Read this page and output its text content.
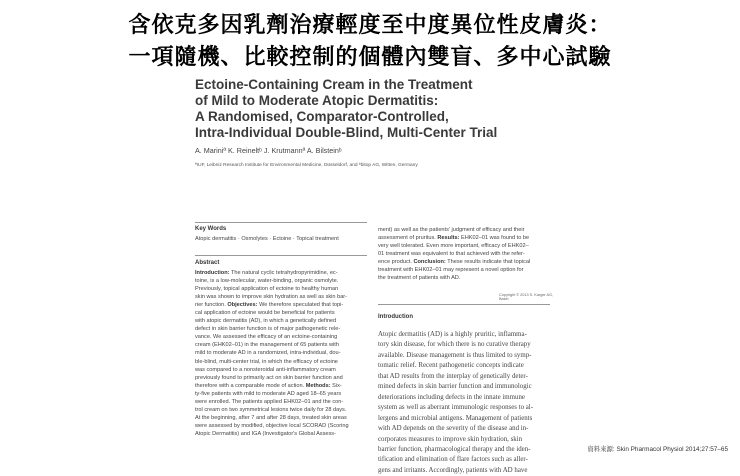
含依克多因乳劑治療輕度至中度異位性皮膚炎：
一項隨機、比較控制的個體內雙盲、多中心試驗
Ectoine-Containing Cream in the Treatment
of Mild to Moderate Atopic Dermatitis:
A Randomised, Comparator-Controlled,
Intra-Individual Double-Blind, Multi-Center Trial
A. Mariniª K. Reineltᵇ J. Krutmannª A. Bilsteinᵇ
ªIUF, Leibniz Research Institute for Environmental Medicine, Düsseldorf, and ᵇbitop AG, Witten, Germany
Key Words
Atopic dermatitis · Osmolytes · Ectoine · Topical treatment
Abstract
Introduction: The natural cyclic tetrahydropyrimidine, ec-
toine, is a low-molecular, water-binding, organic osmolyte.
Previously, topical application of ectoine to healthy human
skin was shown to improve skin hydration as well as skin bar-
rier function. Objectives: We therefore speculated that topi-
cal application of ectoine would be beneficial for patients
with atopic dermatitis (AD), in which a genetically defined
defect in skin barrier function is of major pathogenetic rele-
vance. We assessed the efficacy of an ectoine-containing
cream (EHK02–01) in the management of 65 patients with
mild to moderate AD in a randomized, intra-individual, dou-
ble-blind, multi-center trial, in which the efficacy of ectoine
was compared to a nonsteroidal anti-inflammatory cream
previously found to primarily act on skin barrier function and
therefore with a comparable mode of action. Methods: Six-
ty-five patients with mild to moderate AD aged 18–65 years
were enrolled. The patients applied EHK02–01 and the con-
trol cream on two symmetrical lesions twice daily for 28 days.
At the beginning, after 7 and after 28 days, treated skin areas
were assessed by modified, objective local SCORAD (Scoring
Atopic Dermatitis) and IGA (Investigator's Global Assess-
ment) as well as the patients' judgment of efficacy and their
assessment of pruritus. Results: EHK02–01 was found to be
very well tolerated. Even more important, efficacy of EHK02–
01 treatment was equivalent to that achieved with the refer-
ence product. Conclusion: These results indicate that topical
treatment with EHK02–01 may represent a novel option for
the treatment of patients with AD.
Copyright © 2013 S. Karger AG, Basel
Introduction
Atopic dermatitis (AD) is a highly pruritic, inflamma-
tory skin disease, for which there is no curative therapy
available. Disease management is thus limited to symp-
tomatic relief. Recent pathogenetic concepts indicate
that AD results from the interplay of genetically deter-
mined defects in skin barrier function and immunologic
deteriorations including defects in the innate immune
system as well as aberrant immunologic responses to al-
lergens and microbial antigens. Management of patients
with AD depends on the severity of the disease and in-
corporates measures to improve skin hydration, skin
barrier function, pharmacological therapy and the iden-
tification and elimination of flare factors such as aller-
gens and irritants. Accordingly, patients with AD have
資料來源: Skin Pharmacol Physiol 2014;27:57–65
